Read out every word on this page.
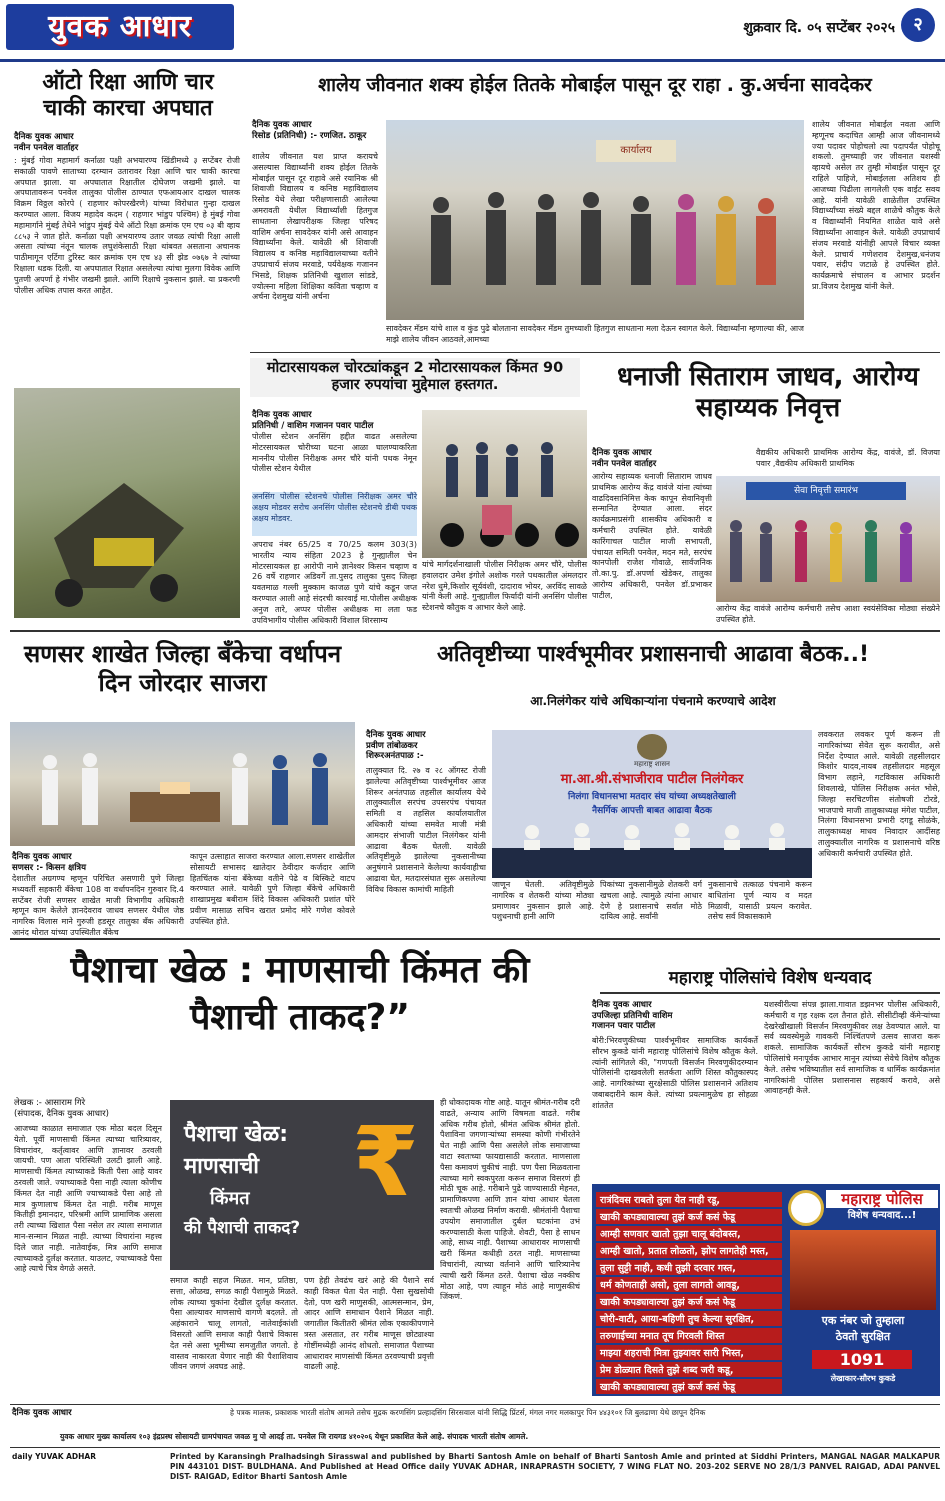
युवक आधार	शुक्रवार दि. ०५ सप्टेंबर २०२५	२
ऑटो रिक्षा आणि चार चाकी कारचा अपघात
दैनिक युवक आधार
नवीन पनवेल वार्ताहर
: मुंबई गोवा महामार्ग कर्नाळा पक्षी अभयारण्य खिंडीमध्ये ३ सप्टेंबर रोजी सकाळी पावणे साताच्या दरम्यान उतारावर रिक्षा आणि चार चाकी कारचा अपघात झाला. या अपघातात रिक्षातील दोघेजण जखमी झाले. या अपघातावरून पनवेल तालुका पोलीस ठाण्यात एफआयआर दाखल चालक विक्रम विठ्ठल कोरपे ( राहणार कोपरखैरणे) यांच्या विरोधात गुन्हा दाखल करण्यात आला. विजय महादेव कदम ( राहणार भांडुप पश्चिम) हे मुंबई गोवा महामार्गाने मुंबई तेथेने भांडुप मुंबई येथे ऑटो रिक्षा क्रमांक एम एच ०३ बी व्हाय ८८५३ ने जात होते. कर्नाळा पक्षी अभयारण्य उतार जवळ त्यांची रिक्षा आली असता त्यांच्या नंतून चालक लघुशंकेसाठी रिक्षा थांबवत असताना अचानक पाठीमागून एर्टिगा टुरिस्ट कार क्रमांक एम एच ४३ सी झेड ०७६७ ने त्यांच्या रिक्षाला धडक दिली. या अपघातात रिक्षात असलेल्या त्यांचा मुलगा विवेक आणि पुतणी अपर्णा हे गंभीर जखमी झाले. आणि रिक्षाचे नुकसान झाले. या प्रकरणी पोलीस अधिक तपास करत आहेत.
शालेय जीवनात शक्य होईल तितके मोबाईल पासून दूर राहा . कु.अर्चना सावदेकर
दैनिक युवक आधार
रिसोड (प्रतिनिधी) :- रणजित. ठाकूर
शालेय जीवनात यश प्राप्त करायचे असल्यास विद्यार्थ्यांनी शक्य होईल तितके मोबाईल पासून दूर राहावे असे रयानिक श्री शिवाजी विद्यालय व कनिष्ठ महाविद्यालय रिसोड येथे लेखा परीक्षणासाठी आलेल्या अमरावती येथील विद्यार्थ्यांशी हितगुज साधताना लेखापरीक्षक जिल्हा परिषद वाशिम अर्चना सावदेकर यांनी असे आवाहन विद्यार्थ्यांना केले. यावेळी श्री शिवाजी विद्यालय व कनिष्ठ महाविद्यालयाच्या वतीने उपप्राचार्य संजय मरवाडे, पर्यवेक्षक गजानन भिसडे, शिक्षक प्रतिनिधी खुशाल सांडडे, ज्योत्स्ना महिला शिक्षिका कविता चव्हाण व अर्चना देशमुख यांनी अर्चना
कार्यालय
सावदेकर मॅडम यांचे शाल व कुंड पुढे बोलताना सावदेकर मॅडम तुमच्याशी हितगुज साधताना मला देऊन स्वागत केले. विद्यार्थ्यांना म्हणाल्या की, आज माझे शालेय जीवन आठवले,आमच्या
शालेय जीवनात मोबाईल नवता आणि म्हणूनच कदाचित आम्ही आज जीवनामध्ये ज्या पदावर पोहोचलो त्या पदापर्यंत पोहोचू शकलो. तुमच्याही जर जीवनात यशस्वी व्हायचे असेल तर तुम्ही मोबाईल पासून दूर राहिले पाहिजे, मोबाईलला अतिशय ही आजच्या पिढीला लागलेली एक वाईट सवय आहे. यांनी यावेळी शाळेतील उपस्थित विद्यार्थ्यांच्या संख्ये बद्दल शाळेचे कौतुक केले व विद्यार्थ्यांनी नियमित शाळेत यावे असे विद्यार्थ्यांना आवाहन केले. यावेळी उपप्राचार्य संजय मरवाडे यांनीही आपले विचार व्यक्त केले. प्राचार्य गणेशराव देशमुख,धनंजय पवार, संदीप जटाळे हे उपस्थित होते. कार्यक्रमाचे संचालन व आभार प्रदर्शन प्रा.विजय देशमुख यांनी केले.
मोटारसायकल चोरट्यांकडून 2 मोटारसायकल किंमत 90 हजार रुपयांचा मुद्देमाल हस्तगत.
दैनिक युवक आधार
प्रतिनिधी / वाशिम गजानन पवार पाटील
पोलीस स्टेशन अनसिंग हद्दीत वाढत असलेल्या मोटरसायकल चोरीच्या घटना आळा घालण्याकरिता माननीय पोलीस निरीक्षक अमर चौरे यांनी पथक नेमून पोलीस स्टेशन येथील
अनसिंग पोलीस स्टेशनचे पोलीस निरीक्षक अमर चौरे अक्षय मोडवर सरोच अनसिंग पोलीस स्टेशनचे डीबी पथक अक्षय मोडवर.
अपराध नंबर 65/25 व 70/25 कलम 303(3) भारतीय न्याय संहिता 2023 हे गुन्ह्यातील चेन मोटरसायकल हा आरोपी नामे ज्ञानेश्वर किसन चव्हाण व 26 वर्षे राहणार अडिवर्गे ता.पुसद तालुका पुसद जिल्हा यवतमाळ गल्ली मुक्काम काजळ पुणे यांचे कडून जप्त करण्यात आली आहे संदरची कारवाई मा.पोलीस अधीक्षक अनुज तारे, अप्पर पोलीस अधीक्षक मा लता फड उपविभागीय पोलीस अधिकारी विशाल शिरसाम्य
यांचे मार्गदर्शनाखाली पोलीस निरीक्षक अमर चौरे, पोलीस हवालदार उमेश इंगोले अशोक गरले पथकातील अंमलदार नरेश धुमे,किशोर सूर्यवंशी, दादाराव भोयर, अरविंद सावळे यांनी केली आहे. गुन्ह्यातील फिर्यादी यांनी अनसिंग पोलीस स्टेशनचे कौतुक व आभार केले आहे.
धनाजी सिताराम जाधव, आरोग्य सहाय्यक निवृत्त
दैनिक युवक आधार
नवीन पनवेल वार्ताहर
आरोग्य सहाय्यक धनाजी सिताराम जाधव प्राथमिक आरोग्य केंद्र वावंजे यांना त्यांच्या वाढदिवसानिमित्त केक कापून सेवानिवृत्ती सन्मानित देण्यात आला. संदर कार्यक्रमाप्रसंगी शासकीय अधिकारी व कर्मचारी उपस्थित होते. यावेळी कारिंगाचल पाटील माजी सभापती, पंचायत समिती पनवेल, मदन मते, सरपंच कानपोली राजेश गोवाळे, सार्वजनिक तो.का.पु. डॉ.अपर्णा खेडेकर, तालुका आरोग्य अधिकारी, पनवेल डॉ.प्रभाकर पाटील,
वैद्यकीय अधिकारी प्राथमिक आरोग्य केंद्र, वावंजे, डॉ. विजया पवार ,वैद्यकीय अधिकारी प्राथमिक
सेवा निवृत्ती समारंभ
आरोग्य केंद्र वावंजे आरोग्य कर्मचारी तसेच आशा स्वयंसेविका मोठ्या संख्येने उपस्थित होते.
सणसर शाखेत जिल्हा बँकेचा वर्धापन दिन जोरदार साजरा
दैनिक युवक आधार
सणसर :- किसन क्षत्रिय
देशातील अग्रगण्य म्हणून परिचित असणारी पुणे जिल्हा मध्यवर्ती सहकारी बँकेचा 108 वा वर्धापनदिन गुरुवार दि.4 सप्टेंबर रोजी सणसर शाखेत माजी विभागीय अधिकारी म्हणून काम केलेले ज्ञानदेवराव जाधव सणसर येथील जेष्ठ नागरिक विलास माने गुरुजी हडसूर तालुका बँक अधिकारी आनंद थोरात यांच्या उपस्थितीत बँकेच
कापून उत्साहात साजरा करण्यात आला.सणसर शाखेतील सोसायटी सभासद खातेदार ठेवीदार कर्जदार आणि हितचिंतक यांना बँकेच्या वतीने पेढे व बिस्किटे वाटप करण्यात आले. यावेळी पुणे जिल्हा बँकेचे अधिकारी शाखाप्रमुख बबीराम शिंदे विकास अधिकारी प्रशांत घोरे प्रवीण मासाळ सचिन खरात प्रमोद मोरे गणेश कोवले उपस्थित होते.
अतिवृष्टीच्या पार्श्वभूमीवर प्रशासनाची आढावा बैठक..!
आ.निलंगेकर यांचे अधिकाऱ्यांना पंचनामे करण्याचे आदेश
दैनिक युवक आधार
प्रवीण तांबोळकर
शिरूरअनंतपाळ :-
तालुक्यात दि. २७ व २८ ऑगस्ट रोजी झालेल्या अतिवृष्टीच्या पार्श्वभूमीवर आज शिरूर अनंतपाळ तहसील कार्यालय येथे तालुक्यातील सरपंच उपसरपंच पंचायत समिती व तहसिल कार्यालयातील अधिकारी यांच्या समवेत माजी मंत्री आमदार संभाजी पाटील निलंगेकर यांनी आढावा बैठक घेतली. यावेळी अतिवृष्टीमुळे झालेल्या नुकसानीच्या अनुषंगाने प्रशासनाने केलेल्या कार्यवाहीचा आढावा घेत, मतदारसंघात सुरू असलेल्या विविध विकास कामांची माहिती
महाराष्ट्र शासन
मा.आ.श्री.संभाजीराव पाटील निलंगेकर
निलंगा विधानसभा मतदार संघ यांच्या अध्यक्षतेखाली
नैसर्गिक आपत्ती बाबत आढावा बैठक
जाणून घेतली. अतिवृष्टीमुळे नागरिक व शेतकरी यांच्या मोठ्या प्रमाणावर नुकसान झाले आहे. पशुधनाची हानी आणि
पिकांच्या नुकसानीमुळे शेतकरी वर्ग खचला आहे. त्यामुळे त्यांना आधार देणे हे प्रशासनाचे सर्वात मोठे दायित्व आहे. सर्वांनी
नुकसानाचे तत्काळ पंचनामे करून बाधितांना पूर्ण न्याय व मदत मिळावी, यासाठी प्रयत्न करावेत. तसेच सर्व विकासकामे
लवकरात लवकर पूर्ण करून ती नागरिकांच्या सेवेत सुरू करावीत, असे निर्देश देण्यात आले. यावेळी तहसीलदार किशोर यादव,नायब तहसीलदार महसूल विभाग लहाने, गटविकास अधिकारी शिवलाखे, पोलिस निरीक्षक अनंत भोसे, जिल्हा सरचिटणीस संतोषजी टोरडे, भाजपाचे माजी तालुकाध्यक्ष मंगेश पाटील, निलंगा विधानसभा प्रभारी दगडू सोळंके, तालुकाध्यक्ष माधव निवादार आदींसह तालुक्यातील नागरिक व प्रशासनाचे वरिष्ठ अधिकारी कर्मचारी उपस्थित होते.
पैशाचा खेळ : माणसाची किंमत की पैशाची ताकद?”
लेखक :- आसाराम गिरे
(संपादक, दैनिक युवक आधार)
आजच्या काळात समाजात एक मोठा बदल दिसून येतो. पूर्वी माणसाची किंमत त्याच्या चारित्र्यावर, विचारांवर, कर्तृत्वावर आणि ज्ञानावर ठरवली जायची. पण आता परिस्थिती उलटी झाली आहे. माणसाची किंमत त्याच्याकडे किती पैसा आहे यावर ठरवली जाते. ज्याच्याकडे पैसा नाही त्याला कोणीच किंमत देत नाही आणि ज्याच्याकडे पैसा आहे तो मात्र कुणालाच किंमत देत नाही. गरीब माणूस कितीही इमानदार, परिश्रमी आणि प्रामाणिक असला तरी त्याच्या खिशात पैसा नसेल तर त्याला समाजात मान-सन्मान मिळत नाही. त्याच्या विचारांना महत्त्व दिले जात नाही. नातेवाईक, मित्र आणि समाज त्याच्याकडे दुर्लक्ष करतात. याउलट, ज्याच्याकडे पैसा आहे त्याचे चित्र वेगळे असते.
पैशाचा खेळ:
माणसाची
किंमत
की पैशाची ताकद?
₹
समाज काही सहज मिळत. मान, प्रतिष्ठा, सत्ता, ओळख, सगळ काही पैशामुळे मिळते. लोक त्याच्या चुकांना देखील दुर्लक्ष करतात. पैसा आल्यावर माणसाचे वागणे बदलते. तो अहंकाराने चालू लागतो, नातेवाईकांशी विसरतो आणि समाज काही पैशाचे विकास देत नसे असा भूमीच्या समजुतीत जगतो. हे वास्तव नाकारता येणार नाही की पैशाशिवाय जीवन जगणं अवघड आहे.
पण हेही तेवढंच खरं आहे की पैशाने सर्व काही विकत घेता येत नाही. पैसा सुखसोयी देतो, पण खरी माणुसकी, आत्मसन्मान, प्रेम, आदर आणि समाधान पैशाने मिळत नाही. जगातील कितीतरी श्रीमंत लोक एकाकीपणाने त्रस्त असतात, तर गरीब माणूस छोट्याश्या गोष्टींमध्येही आनंद शोधतो. समाजात पैशाच्या आधारावर माणसांची किंमत ठरवण्याची प्रवृत्ती वाढली आहे.
ही धोकादायक गोष्ट आहे. यातून श्रीमंत-गरीब दरी वाढते, अन्याय आणि विषमता वाढते. गरीब अधिक गरीब होतो, श्रीमंत अधिक श्रीमंत होतो. पैशाविना जगणाऱ्यांच्या समस्या कोणी गंभीरतेने घेत नाही आणि पैसा असलेले लोक समाजाच्या वाटा स्वतःच्या फायद्यासाठी करतात. माणसाला पैसा कमावणं चुकीचं नाही. पण पैसा मिळवताना त्याच्या मागे स्वकपुरता करून समाज विसरणं ही मोठी चूक आहे. गरीबाने पुढे जाण्यासाठी मेहनत, प्रामाणिकपणा आणि ज्ञान यांचा आधार घेतला स्वतःची ओळख निर्माण करावी. श्रीमंतांनी पैशाचा उपयोग समाजातील दुर्बल घटकांना उभं करण्यासाठी केला पाहिजे. शेवटी, पैसा हे साधन आहे, साध्य नाही. पैशाच्या आधारावर माणसाची खरी किंमत कधीही ठरत नाही. माणसाच्या विचारांनी, त्याच्या वर्तनाने आणि चारित्र्यानेच त्याची खरी किंमत ठरते. पैशाचा खेळ नक्कीच मोठा आहे, पण त्याहून मोठं आहे माणुसकीचं जिंकणं.
महाराष्ट्र पोलिसांचे विशेष धन्यवाद
दैनिक युवक आधार
उपजिल्हा प्रतिनिधी वाशिम
गजानन पवार पाटील
बोरी:भिरवणुकीच्या पार्श्वभूमीवर सामाजिक कार्यकर्ते सौरभ कुकडे यांनी महाराष्ट्र पोलिसांचे विशेष कौतुक केले. त्यांनी सांगितले की, "गणपती विसर्जन मिरवणुकीदरम्यान पोलिसांनी दाखवलेली सतर्कता आणि शिस्त कौतुकास्पद आहे. नागरिकांच्या सुरक्षेसाठी पोलिस प्रशासनाने अतिशय जबाबदारीने काम केले. त्यांच्या प्रयत्नामुळेच हा सोहळा शांततेत
यशस्वीरीत्या संपन्न झाला.गावात डझनभर पोलीस अधिकारी, कर्मचारी व गृह रक्षक दल तैनात होते. सीसीटीव्ही कॅमेऱ्यांच्या देखरेखीखाली विसर्जन मिरवणुकीवर लक्ष ठेवण्यात आले. या सर्व व्यवस्थेमुळे गावकरी निश्चिंतपणे उत्सव साजरा करू शकले. सामाजिक कार्यकर्ते सौरभ कुकडे यांनी महाराष्ट्र पोलिसांचे मनःपूर्वक आभार मानून त्यांच्या सेवेचे विशेष कौतुक केले. तसेच भविष्यातील सर्व सामाजिक व धार्मिक कार्यक्रमांत नागरिकांनी पोलिस प्रशासनास सहकार्य करावे, असे आवाहनही केले.
रात्रंदिवस राबतो तुला येत नाही रडू,
खाकी कपड्यावाल्या तुझं कर्ज कसं फेडू
आम्ही सणवार खातो तुझा चालू बंदोबस्त,
आम्ही खातो, प्रतात लोळतो, झोप लागतेही मस्त,
तुला सुट्टी नाही, कधी तुझी दरवार गस्त,
धर्म कोणताही असो, तुला लागतो आवडू,
खाकी कपड्यावाल्या तुझं कर्ज कसं फेडू
चोरी-वाटी, आया-बहिणी तुच केल्या सुरक्षित,
तरुणाईच्या मनात तूच गिरवली शिस्त
माझ्या शहराची मित्रा तुझ्यावर सारी भिस्त,
प्रेम डोळ्यात दिसते तुझे शब्द जरी कडू,
खाकी कपड्यावाल्या तुझं कर्ज कसं फेडू
महाराष्ट्र पोलिस
विशेष धन्यवाद...!
एक नंबर जो तुम्हाला
ठेवतो सुरक्षित
1091
लेखाकार-सौरभ कुकडे
दैनिक युवक आधार	हे पत्रक मालक, प्रकाशक भारती संतोष आमले तसेच मुद्रक करणसिंग प्रल्हादसिंग सिरसवाल यांनी सिद्धि प्रिंटर्स, मंगल नगर मलकापुर पिन ४४३१०१ जि बुलढाणा येथे छापून दैनिक
युवक आधार मुख्य कार्यालय १०३ इंद्रप्रस्थ सोसायटी ग्रामपंचायत जवळ मु पो आदई ता. पनवेल जि रायगड ४१०२०६ येथून प्रकाशित केले आहे. संपादक भारती संतोष आमले.
daily YUVAK ADHAR	Printed by Karansingh Pralhadsingh Sirasswal and published by Bharti Santosh Amle on behalf of Bharti Santosh Amle and printed at Siddhi Printers, MANGAL NAGAR MALKAPUR PIN 443101 DIST- BULDHANA. And Published at Head Office daily YUVAK ADHAR, INRAPRASTH SOCIETY, 7 WING FLAT NO. 203-202 SERVE NO 28/1/3 PANVEL RAIGAD, ADAI PANVEL DIST- RAIGAD, Editor Bharti Santosh Amle
